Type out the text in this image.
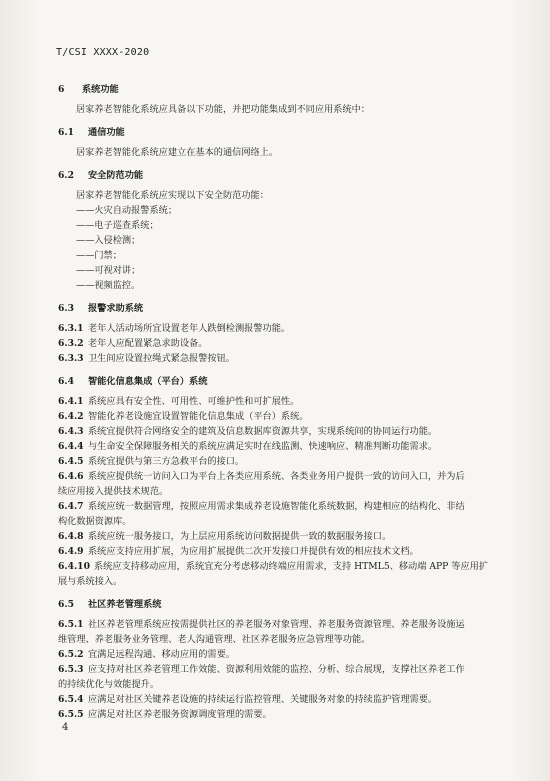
T/CSI XXXX-2020

6 系统功能

居家养老智能化系统应具备以下功能，并把功能集成到不同应用系统中：

6.1 通信功能

居家养老智能化系统应建立在基本的通信网络上。

6.2 安全防范功能

居家养老智能化系统应实现以下安全防范功能：

——火灾自动报警系统；

——电子巡查系统；

——入侵检测；

——门禁；

——可视对讲；

——视频监控。

6.3 报警求助系统

6.3.1 老年人活动场所宜设置老年人跌倒检测报警功能。

6.3.2 老年人应配置紧急求助设备。

6.3.3 卫生间应设置拉绳式紧急报警按钮。

6.4 智能化信息集成（平台）系统

6.4.1 系统应具有安全性、可用性、可维护性和可扩展性。

6.4.2 智能化养老设施宜设置智能化信息集成（平台）系统。

6.4.3 系统宜提供符合网络安全的建筑及信息数据库资源共享，实现系统间的协同运行功能。

6.4.4 与生命安全保障服务相关的系统应满足实时在线监测、快速响应、精准判断功能需求。

6.4.5 系统宜提供与第三方急救平台的接口。

6.4.6 系统应提供统一访问入口为平台上各类应用系统、各类业务用户提供一致的访问入口，并为后

续应用接入提供技术规范。

6.4.7 系统应统一数据管理，按照应用需求集成养老设施智能化系统数据，构建相应的结构化、非结

构化数据资源库。

6.4.8 系统应统一服务接口，为上层应用系统访问数据提供一致的数据服务接口。

6.4.9 系统应支持应用扩展，为应用扩展提供二次开发接口并提供有效的相应技术文档。

6.4.10 系统应支持移动应用，系统宜充分考虑移动终端应用需求，支持 HTML5、移动端 APP 等应用扩

展与系统接入。

6.5 社区养老管理系统

6.5.1 社区养老管理系统应按需提供社区的养老服务对象管理、养老服务资源管理、养老服务设施运

维管理、养老服务业务管理、老人沟通管理、社区养老服务应急管理等功能。

6.5.2 宜满足远程沟通、移动应用的需要。

6.5.3 应支持对社区养老管理工作效能、资源利用效能的监控、分析、综合展现，支撑社区养老工作

的持续优化与效能提升。

6.5.4 应满足对社区关键养老设施的持续运行监控管理、关键服务对象的持续监护管理需要。

6.5.5 应满足对社区养老服务资源调度管理的需要。

4
